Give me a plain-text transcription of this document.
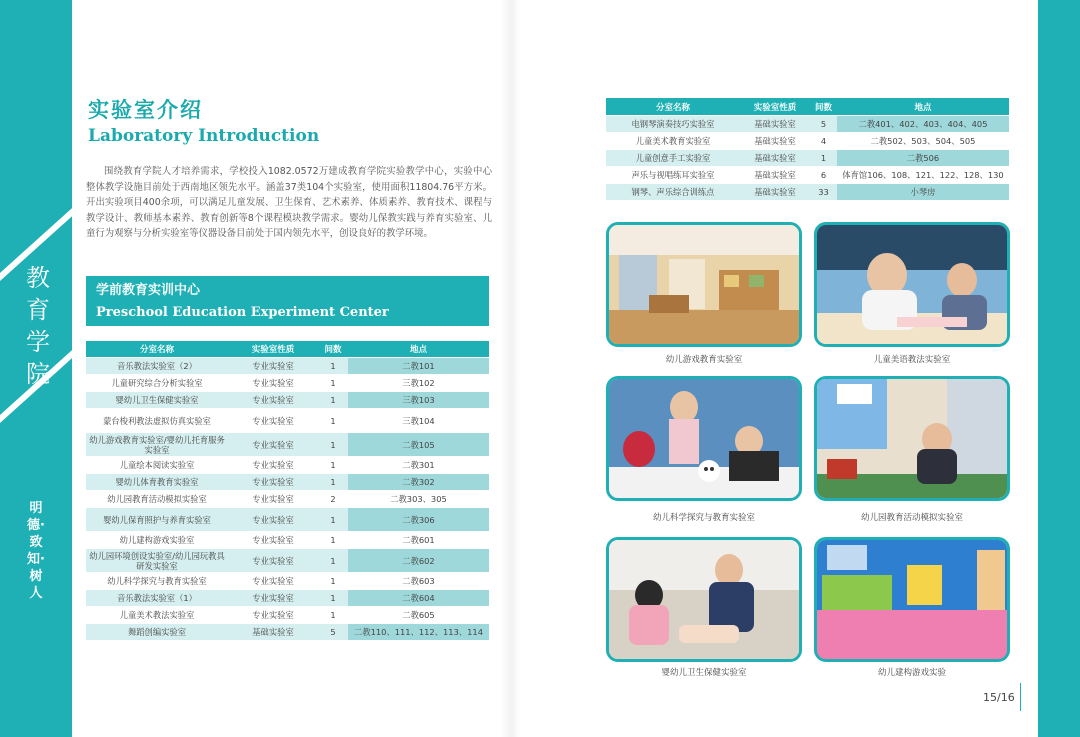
教育学院
明德·致知·树人
实验室介绍
Laboratory Introduction

围绕教育学院人才培养需求，学校投入1082.0572万建成教育学院实验教学中心，实验中心整体教学设施目前处于西南地区领先水平。涵盖37类104个实验室，使用面积11804.76平方米。开出实验项目400余项，可以满足儿童发展、卫生保育、艺术素养、体质素养、教育技术、课程与教学设计、教师基本素养、教育创新等8个课程模块教学需求。婴幼儿保教实践与养育实验室、儿童行为观察与分析实验室等仪器设备目前处于国内领先水平，创设良好的教学环境。

学前教育实训中心
Preschool Education Experiment Center
分室名称	实验室性质	间数	地点
音乐教法实验室（2）	专业实验室	1	二教101
儿童研究综合分析实验室	专业实验室	1	三教102
婴幼儿卫生保健实验室	专业实验室	1	三教103
蒙台梭利教法虚拟仿真实验室	专业实验室	1	三教104
幼儿游戏教育实验室/婴幼儿托育服务实验室	专业实验室	1	二教105
儿童绘本阅读实验室	专业实验室	1	二教301
婴幼儿体育教育实验室	专业实验室	1	二教302
幼儿园教育活动模拟实验室	专业实验室	2	二教303、305
婴幼儿保育照护与养育实验室	专业实验室	1	二教306
幼儿建构游戏实验室	专业实验室	1	二教601
幼儿园环境创设实验室/幼儿园玩教具研发实验室	专业实验室	1	二教602
幼儿科学探究与教育实验室	专业实验室	1	二教603
音乐教法实验室（1）	专业实验室	1	二教604
儿童美术教法实验室	专业实验室	1	二教605
舞蹈创编实验室	基础实验室	5	二教110、111、112、113、114
分室名称	实验室性质	间数	地点
电钢琴演奏技巧实验室	基础实验室	5	二教401、402、403、404、405
儿童美术教育实验室	基础实验室	4	二教502、503、504、505
儿童创意手工实验室	基础实验室	1	二教506
声乐与视唱练耳实验室	基础实验室	6	体育馆106、108、121、122、128、130
钢琴、声乐综合训练点	基础实验室	33	小琴房
幼儿游戏教育实验室	儿童美语教法实验室
幼儿科学探究与教育实验室	幼儿园教育活动模拟实验室
婴幼儿卫生保健实验室	幼儿建构游戏实验
15/16
